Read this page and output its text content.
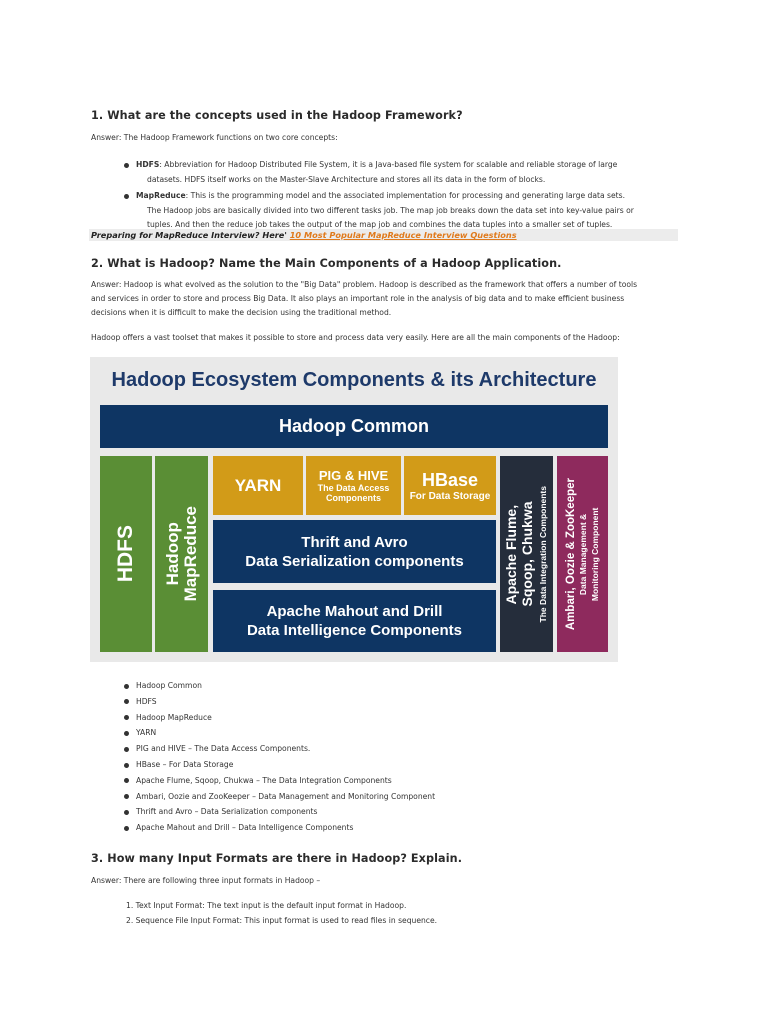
1. What are the concepts used in the Hadoop Framework?
Answer: The Hadoop Framework functions on two core concepts:
HDFS: Abbreviation for Hadoop Distributed File System, it is a Java-based file system for scalable and reliable storage of large
datasets. HDFS itself works on the Master-Slave Architecture and stores all its data in the form of blocks.
MapReduce: This is the programming model and the associated implementation for processing and generating large data sets.
The Hadoop jobs are basically divided into two different tasks job. The map job breaks down the data set into key-value pairs or
tuples. And then the reduce job takes the output of the map job and combines the data tuples into a smaller set of tuples.
Preparing for MapReduce Interview? Here' 10 Most Popular MapReduce Interview Questions
2. What is Hadoop? Name the Main Components of a Hadoop Application.
Answer: Hadoop is what evolved as the solution to the "Big Data" problem. Hadoop is described as the framework that offers a number of tools
and services in order to store and process Big Data. It also plays an important role in the analysis of big data and to make efficient business
decisions when it is difficult to make the decision using the traditional method.
Hadoop offers a vast toolset that makes it possible to store and process data very easily. Here are all the main components of the Hadoop:
Hadoop Ecosystem Components & its Architecture
Hadoop Common
HDFS Hadoop
MapReduce
YARN	PIG & HIVE
The Data Access
Components
HBase
For Data Storage
Thrift and Avro
Data Serialization components
Apache Mahout and Drill
Data Intelligence Components
Apache Flume,
Sqoop, Chukwa The Data Integration Components Ambari, Oozie & ZooKeeper
Data Management & Monitoring Component
Hadoop Common
HDFS
Hadoop MapReduce
YARN
PIG and HIVE – The Data Access Components.
HBase – For Data Storage
Apache Flume, Sqoop, Chukwa – The Data Integration Components
Ambari, Oozie and ZooKeeper – Data Management and Monitoring Component
Thrift and Avro – Data Serialization components
Apache Mahout and Drill – Data Intelligence Components
3. How many Input Formats are there in Hadoop? Explain.
Answer: There are following three input formats in Hadoop –
1. Text Input Format: The text input is the default input format in Hadoop.
2. Sequence File Input Format: This input format is used to read files in sequence.
